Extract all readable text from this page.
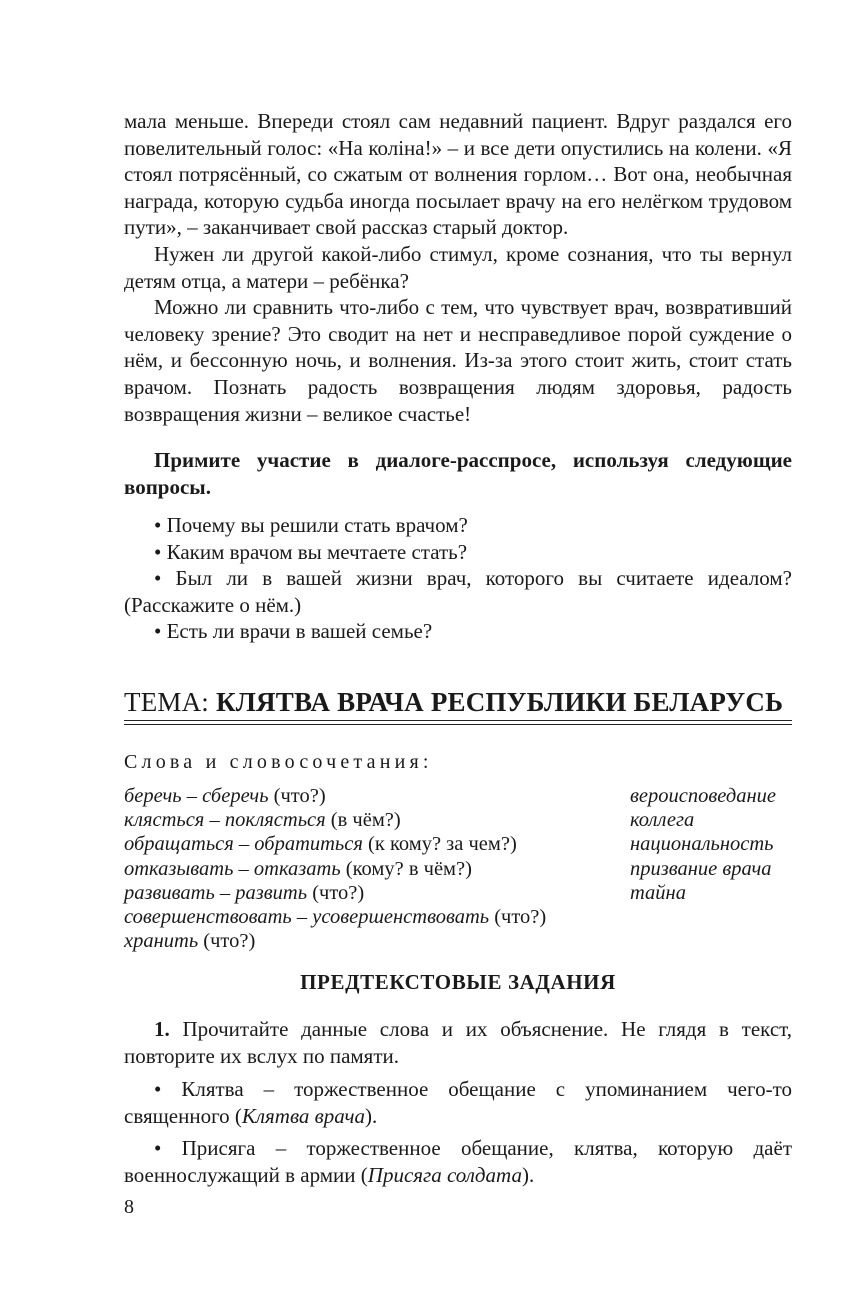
мала меньше. Впереди стоял сам недавний пациент. Вдруг раздался его повелительный голос: «На коліна!» – и все дети опустились на колени. «Я стоял потрясённый, со сжатым от волнения горлом… Вот она, необычная награда, которую судьба иногда посылает врачу на его нелёгком трудовом пути», – заканчивает свой рассказ старый доктор.

Нужен ли другой какой-либо стимул, кроме сознания, что ты вернул детям отца, а матери – ребёнка?

Можно ли сравнить что-либо с тем, что чувствует врач, возвративший человеку зрение? Это сводит на нет и несправедливое порой суждение о нём, и бессонную ночь, и волнения. Из-за этого стоит жить, стоит стать врачом. Познать радость возвращения людям здоровья, радость возвращения жизни – великое счастье!

Примите участие в диалоге-расспросе, используя следующие вопросы.

• Почему вы решили стать врачом?

• Каким врачом вы мечтаете стать?

• Был ли в вашей жизни врач, которого вы считаете идеалом? (Расскажите о нём.)

• Есть ли врачи в вашей семье?

ТЕМА: КЛЯТВА ВРАЧА РЕСПУБЛИКИ БЕЛАРУСЬ
Слова и словосочетания:
беречь – сберечь (что?)
клясться – поклясться (в чём?)
обращаться – обратиться (к кому? за чем?)
отказывать – отказать (кому? в чём?)
развивать – развить (что?)
совершенствовать – усовершенствовать (что?)
хранить (что?)
вероисповедание
коллега
национальность
призвание врача
тайна
ПРЕДТЕКСТОВЫЕ ЗАДАНИЯ

1. Прочитайте данные слова и их объяснение. Не глядя в текст, повторите их вслух по памяти.

• Клятва – торжественное обещание с упоминанием чего-то священного (Клятва врача).

• Присяга – торжественное обещание, клятва, которую даёт военнослужащий в армии (Присяга солдата).

8
